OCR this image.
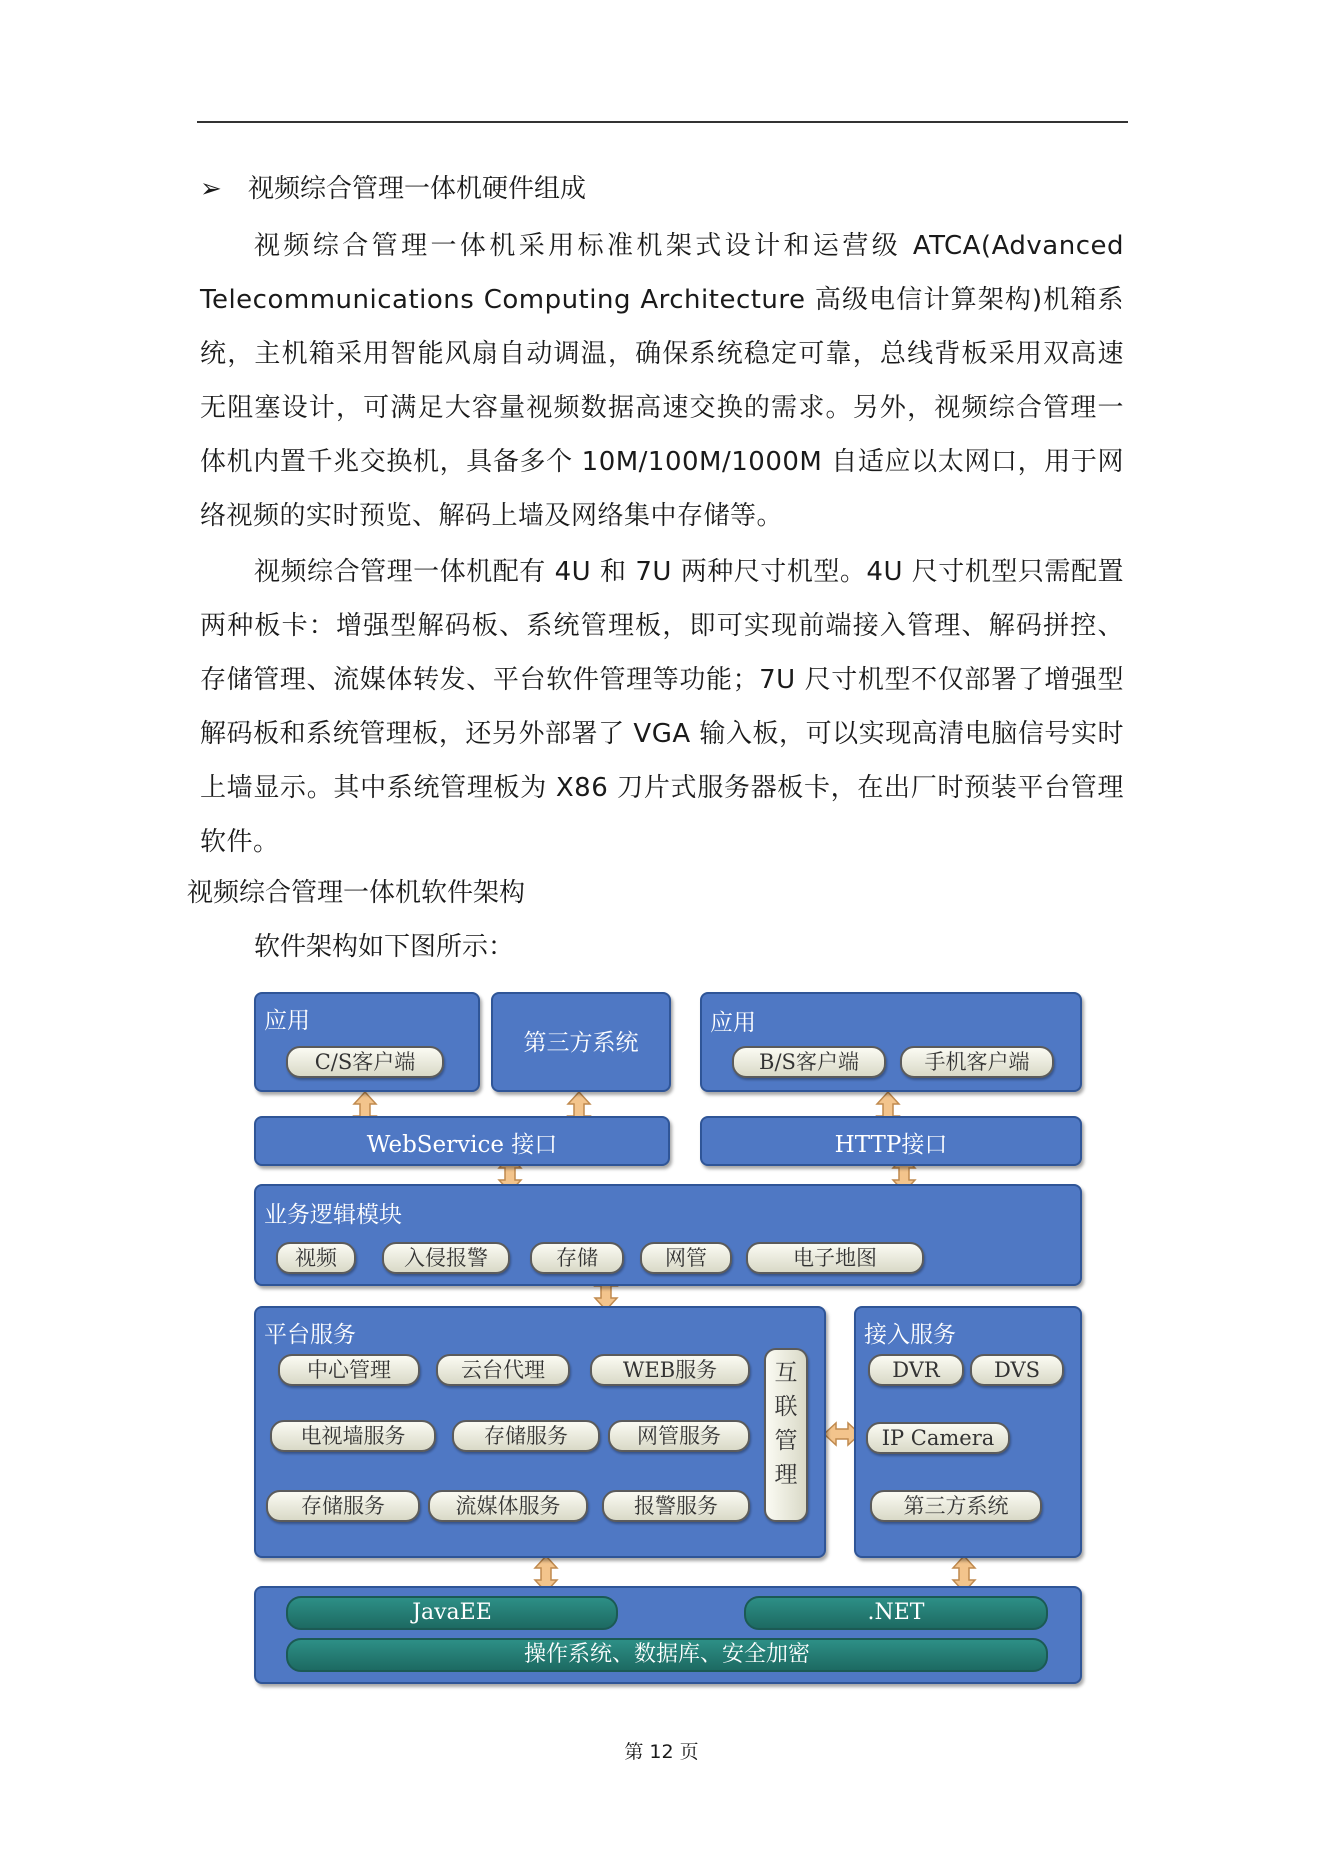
➢ 视频综合管理一体机硬件组成
视频综合管理一体机采用标准机架式设计和运营级 ATCA(Advanced Telecommunications Computing Architecture 高级电信计算架构)机箱系统，主机箱采用智能风扇自动调温，确保系统稳定可靠，总线背板采用双高速无阻塞设计，可满足大容量视频数据高速交换的需求。另外，视频综合管理一体机内置千兆交换机，具备多个 10M/100M/1000M 自适应以太网口，用于网络视频的实时预览、解码上墙及网络集中存储等。
视频综合管理一体机配有 4U 和 7U 两种尺寸机型。4U 尺寸机型只需配置两种板卡：增强型解码板、系统管理板，即可实现前端接入管理、解码拼控、存储管理、流媒体转发、平台软件管理等功能；7U 尺寸机型不仅部署了增强型解码板和系统管理板，还另外部署了 VGA 输入板，可以实现高清电脑信号实时上墙显示。其中系统管理板为 X86 刀片式服务器板卡，在出厂时预装平台管理软件。
视频综合管理一体机软件架构
软件架构如下图所示：
应用
C/S客户端
第三方系统
应用
B/S客户端	手机客户端
WebService 接口	HTTP接口
业务逻辑模块
视频	入侵报警	存储	网管	电子地图
平台服务
中心管理	云台代理	WEB服务
电视墙服务	存储服务	网管服务
存储服务	流媒体服务	报警服务
互
联
管
理
接入服务
DVR	DVS
IP Camera
第三方系统
JavaEE	.NET
操作系统、数据库、安全加密
第 12 页
